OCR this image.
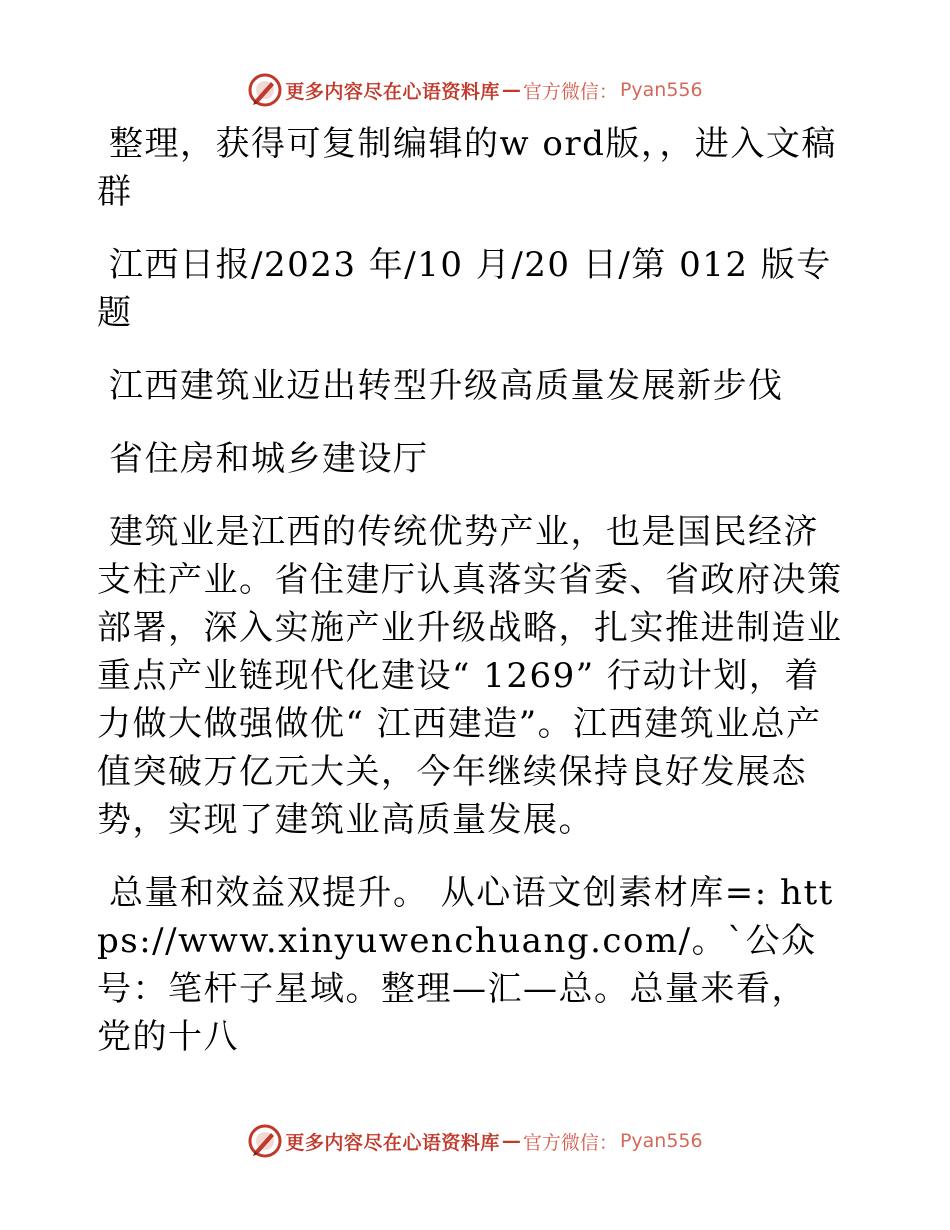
更多内容尽在心语资料库 — 官方微信： Pyan556

整理，获得可复制编辑的w ord版，，进入文稿群

江西日报/2023 年/10 月/20 日/第 012 版专题

江西建筑业迈出转型升级高质量发展新步伐

省住房和城乡建设厅

建筑业是江西的传统优势产业，也是国民经济支柱产业。省住建厅认真落实省委、省政府决策部署，深入实施产业升级战略，扎实推进制造业重点产业链现代化建设“ 1269” 行动计划，着力做大做强做优“ 江西建造”。江西建筑业总产值突破万亿元大关，今年继续保持良好发展态势，实现了建筑业高质量发展。

总量和效益双提升。 从心语文创素材库=: https://www.xinyuwenchuang.com/。`公众号：笔杆子星域。整理—汇—总。总量来看， 党的十八

更多内容尽在心语资料库 — 官方微信： Pyan556
